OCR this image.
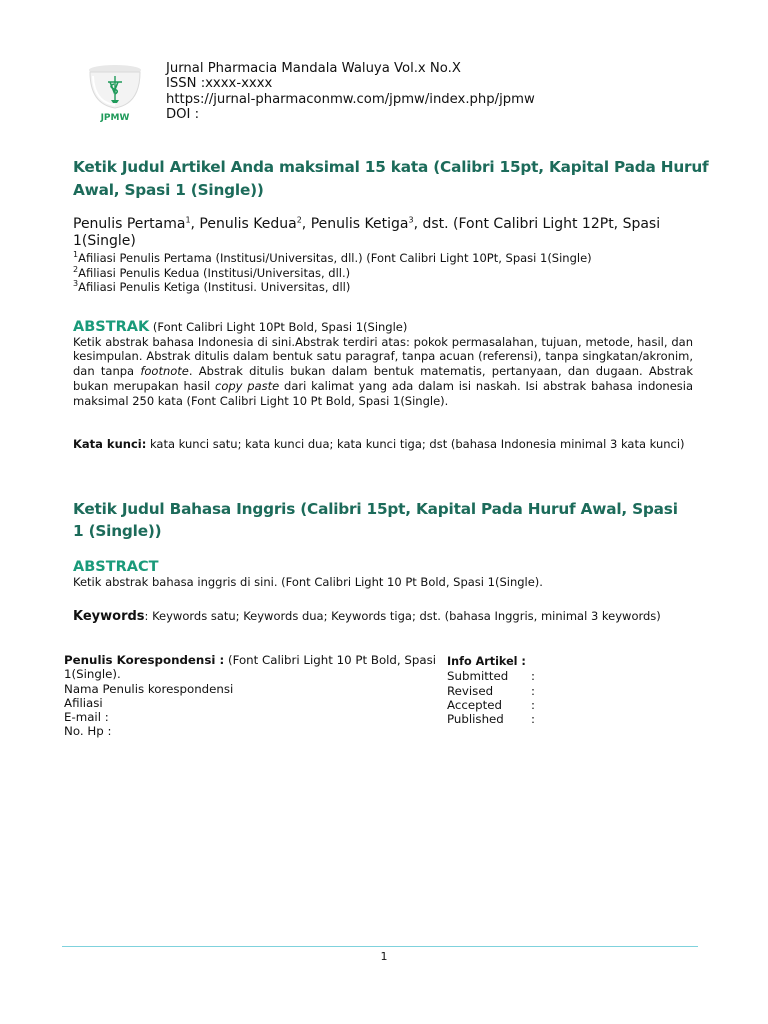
JPMW
Jurnal Pharmacia Mandala Waluya Vol.x No.X
ISSN :xxxx-xxxx
https://jurnal-pharmaconmw.com/jpmw/index.php/jpmw
DOI :
Ketik Judul Artikel Anda maksimal 15 kata (Calibri 15pt, Kapital Pada Huruf Awal, Spasi 1 (Single))
Penulis Pertama$^1$, Penulis Kedua$^2$, Penulis Ketiga$^3$, dst. (Font Calibri Light 12Pt, Spasi 1(Single)
$^1$Afiliasi Penulis Pertama (Institusi/Universitas, dll.) (Font Calibri Light 10Pt, Spasi 1(Single)
$^2$Afiliasi Penulis Kedua (Institusi/Universitas, dll.)
$^3$Afiliasi Penulis Ketiga (Institusi. Universitas, dll)
ABSTRAK (Font Calibri Light 10Pt Bold, Spasi 1(Single)
Ketik abstrak bahasa Indonesia di sini.Abstrak terdiri atas: pokok permasalahan, tujuan, metode, hasil, dan kesimpulan. Abstrak ditulis dalam bentuk satu paragraf, tanpa acuan (referensi), tanpa singkatan/akronim, dan tanpa footnote. Abstrak ditulis bukan dalam bentuk matematis, pertanyaan, dan dugaan. Abstrak bukan merupakan hasil copy paste dari kalimat yang ada dalam isi naskah. Isi abstrak bahasa indonesia maksimal 250 kata (Font Calibri Light 10 Pt Bold, Spasi 1(Single).
Kata kunci: kata kunci satu; kata kunci dua; kata kunci tiga; dst (bahasa Indonesia minimal 3 kata kunci)
Ketik Judul Bahasa Inggris (Calibri 15pt, Kapital Pada Huruf Awal, Spasi 1 (Single))
ABSTRACT
Ketik abstrak bahasa inggris di sini. (Font Calibri Light 10 Pt Bold, Spasi 1(Single).
Keywords: Keywords satu; Keywords dua; Keywords tiga; dst. (bahasa Inggris, minimal 3 keywords)
Penulis Korespondensi : (Font Calibri Light 10 Pt Bold, Spasi 1(Single).
Nama Penulis korespondensi
Afiliasi
E-mail :
No. Hp :
Info Artikel :
Submitted	:
Revised	:
Accepted	:
Published	:
1
